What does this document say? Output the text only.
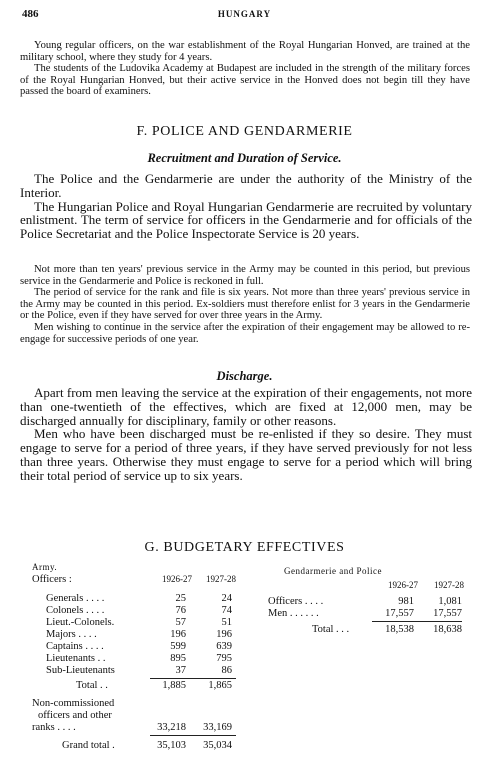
486	HUNGARY

Young regular officers, on the war establishment of the Royal Hungarian Honved, are trained at the military school, where they study for 4 years.

The students of the Ludovika Academy at Budapest are included in the strength of the military forces of the Royal Hungarian Honved, but their active service in the Honved does not begin till they have passed the board of examiners.

F. POLICE AND GENDARMERIE
Recruitment and Duration of Service.

The Police and the Gendarmerie are under the authority of the Ministry of the Interior.

The Hungarian Police and Royal Hungarian Gendarmerie are recruited by voluntary enlistment. The term of service for officers in the Gendarmerie and for officials of the Police Secretariat and the Police Inspectorate Service is 20 years.

Not more than ten years' previous service in the Army may be counted in this period, but previous service in the Gendarmerie and Police is reckoned in full.

The period of service for the rank and file is six years. Not more than three years' previous service in the Army may be counted in this period. Ex-soldiers must therefore enlist for 3 years in the Gendarmerie or the Police, even if they have served for over three years in the Army.

Men wishing to continue in the service after the expiration of their engagement may be allowed to re-engage for successive periods of one year.

Discharge.

Apart from men leaving the service at the expiration of their engagements, not more than one-twentieth of the effectives, which are fixed at 12,000 men, may be discharged annually for disciplinary, family or other reasons.

Men who have been discharged must be re-enlisted if they so desire. They must engage to serve for a period of three years, if they have served previously for not less than three years. Otherwise they must engage to serve for a period which will bring their total period of service up to six years.

G. BUDGETARY EFFECTIVES
Army.
Officers :	1926-27	1927-28
Generals . . . .	25	24
Colonels . . . .	76	74
Lieut.-Colonels.	57	51
Majors . . . .	196	196
Captains . . . .	599	639
Lieutenants . .	895	795
Sub-Lieutenants	37	86
Total . .	1,885	1,865
Non-commissioned
officers and other
ranks . . . .	33,218	33,169
Grand total .	35,103	35,034
Gendarmerie and Police
1926-27	1927-28
Officers . . . .	981	1,081
Men . . . . . .	17,557	17,557
Total . . .	18,538	18,638
